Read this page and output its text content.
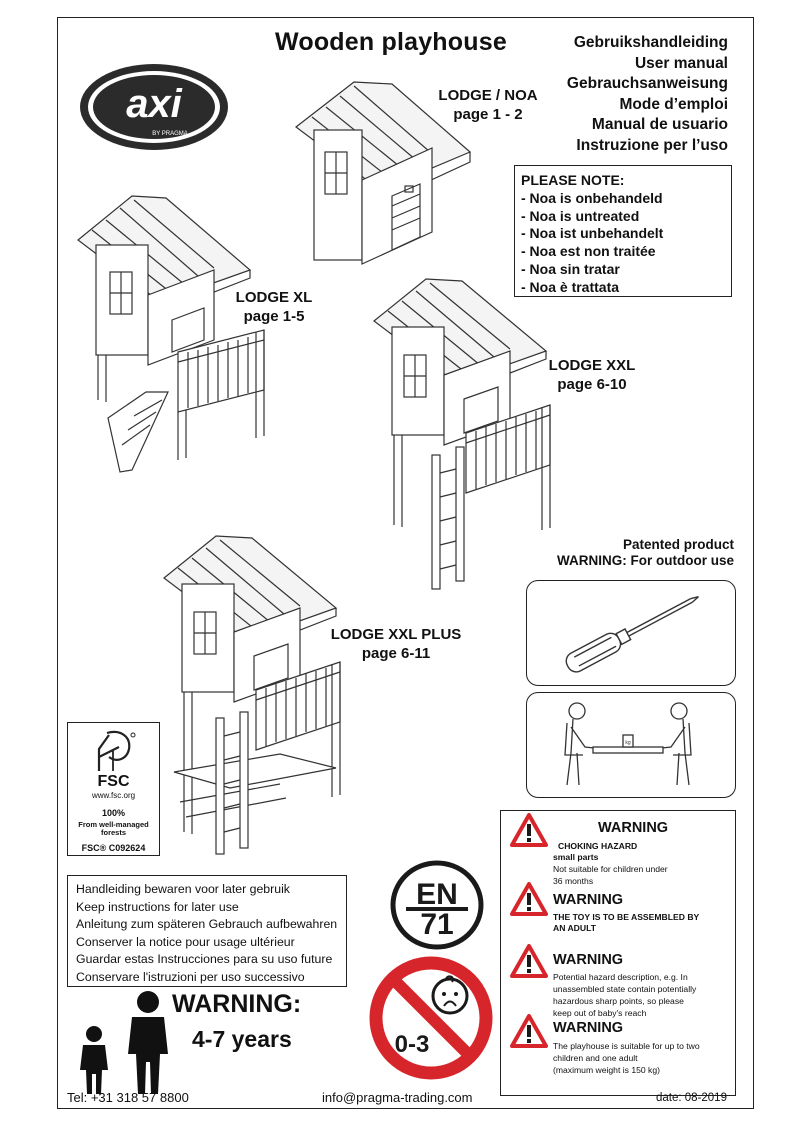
axi
BY PRAGMA
Wooden playhouse	Gebruikshandleiding
User manual
Gebrauchsanweisung
Mode d’emploi
Manual de usuario
Instruzione per l’uso
LODGE / NOA
page 1 - 2
PLEASE NOTE:
- Noa is onbehandeld
- Noa is untreated
- Noa ist unbehandelt
- Noa est non traitée
- Noa sin tratar
- Noa è trattata
LODGE XL
page 1-5
LODGE XXL
page 6-10
Patented product
WARNING: For outdoor use
kg
LODGE XXL PLUS
page 6-11
FSC
www.fsc.org
100%
From well-managed forests
FSC® C092624
Handleiding bewaren voor later gebruik
Keep instructions for later use
Anleitung zum späteren Gebrauch aufbewahren
Conserver la notice pour usage ultérieur
Guardar estas Instrucciones para su uso future
Conservare l'istruzioni per uso successivo
EN
71
0-3
WARNING:
4-7 years
WARNING
CHOKING HAZARD
small parts
Not suitable for children under
36 months
WARNING
THE TOY IS TO BE ASSEMBLED BY
AN ADULT
WARNING
Potential hazard description, e.g. In
unassembled state contain potentially
hazardous sharp points, so please
keep out of baby's reach
WARNING
The playhouse is suitable for up to two
children and one adult
(maximum weight is 150 kg)
Tel: +31 318 57 8800	info@pragma-trading.com	date: 08-2019
